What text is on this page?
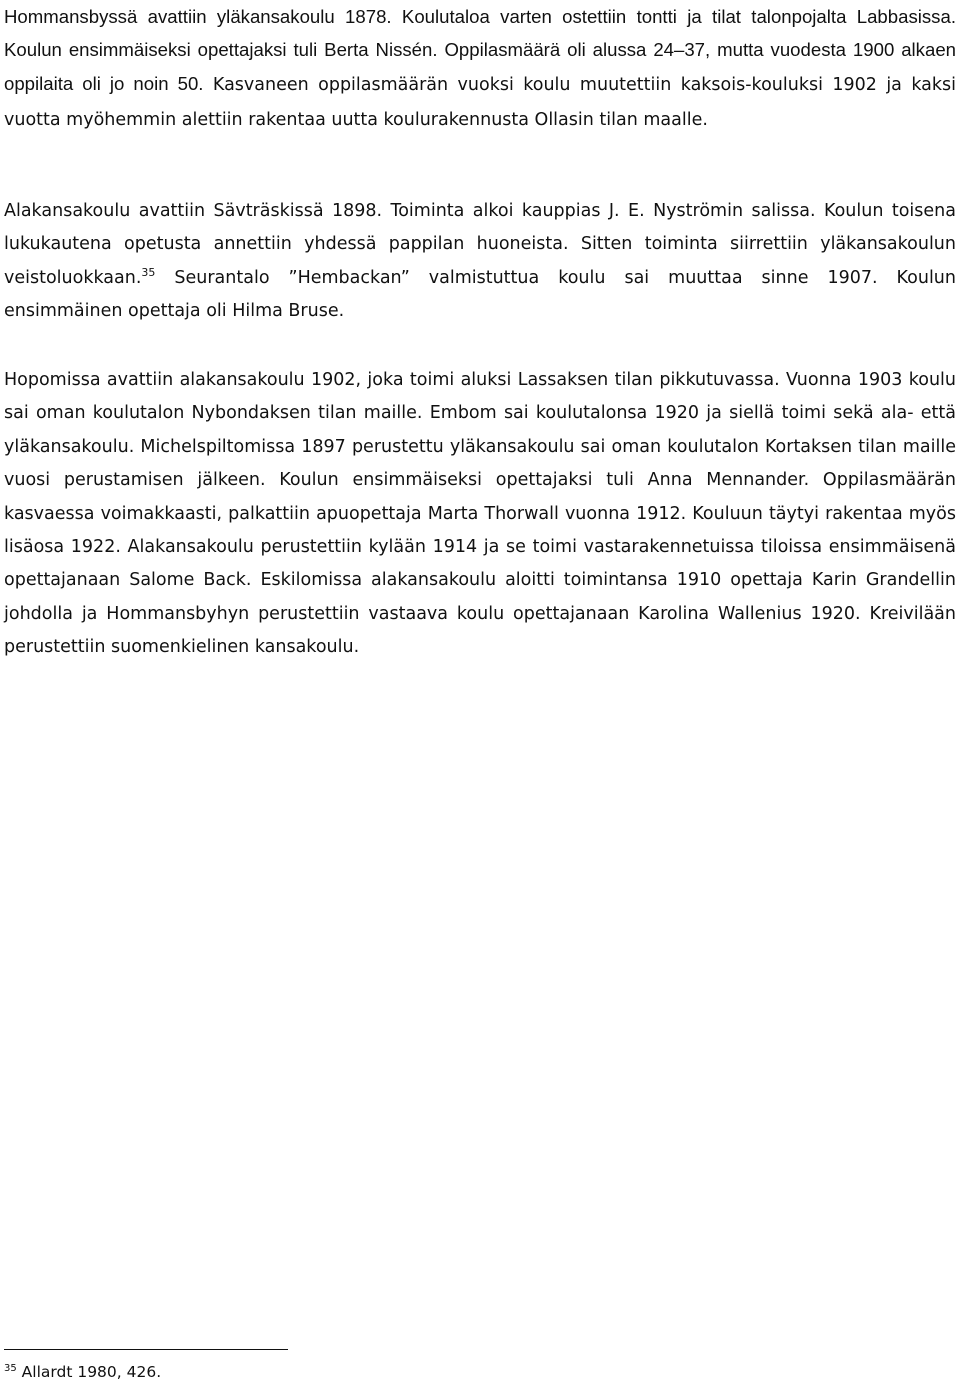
Hommansbyssä avattiin yläkansakoulu 1878. Koulutaloa varten ostettiin tontti ja tilat talonpojalta Labbasissa. Koulun ensimmäiseksi opettajaksi tuli Berta Nissén. Oppilasmäärä oli alussa 24–37, mutta vuodesta 1900 alkaen oppilaita oli jo noin 50. Kasvaneen oppilasmäärän vuoksi koulu muutettiin kaksois-kouluksi 1902 ja kaksi vuotta myöhemmin alettiin rakentaa uutta koulurakennusta Ollasin tilan maalle.

Alakansakoulu avattiin Sävträskissä 1898. Toiminta alkoi kauppias J. E. Nyströmin salissa. Koulun toisena lukukautena opetusta annettiin yhdessä pappilan huoneista. Sitten toiminta siirrettiin yläkansakoulun veistoluokkaan.$^{35}$ Seurantalo ”Hembackan” valmistuttua koulu sai muuttaa sinne 1907. Koulun ensimmäinen opettaja oli Hilma Bruse.

Hopomissa avattiin alakansakoulu 1902, joka toimi aluksi Lassaksen tilan pikkutuvassa. Vuonna 1903 koulu sai oman koulutalon Nybondaksen tilan maille. Embom sai koulutalonsa 1920 ja siellä toimi sekä ala- että yläkansakoulu. Michelspiltomissa 1897 perustettu yläkansakoulu sai oman koulutalon Kortaksen tilan maille vuosi perustamisen jälkeen. Koulun ensimmäiseksi opettajaksi tuli Anna Mennander. Oppilasmäärän kasvaessa voimakkaasti, palkattiin apuopettaja Marta Thorwall vuonna 1912. Kouluun täytyi rakentaa myös lisäosa 1922. Alakansakoulu perustettiin kylään 1914 ja se toimi vastarakennetuissa tiloissa ensimmäisenä opettajanaan Salome Back. Eskilomissa alakansakoulu aloitti toimintansa 1910 opettaja Karin Grandellin johdolla ja Hommansbyhyn perustettiin vastaava koulu opettajanaan Karolina Wallenius 1920. Kreivilään perustettiin suomenkielinen kansakoulu.

$^{35}$ Allardt 1980, 426.
